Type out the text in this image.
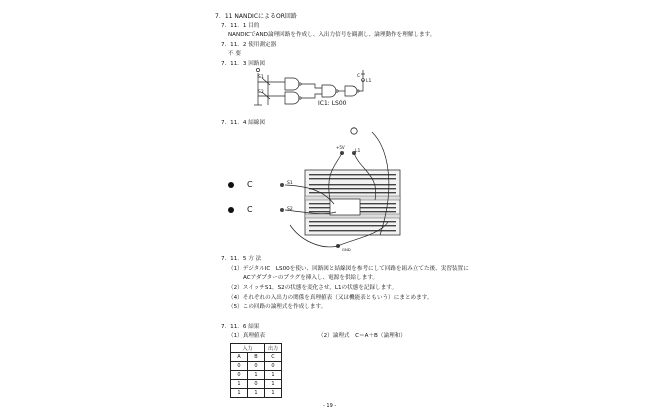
7．11 NANDICによるOR回路
7．11．1 目的
NANDICでAND論理回路を作成し、入出力信号を観測し、論理動作を理解します。
7．11．2 使用測定器
不 要
7．11．3 回路図
S1
S2
C
L1
IC1: LS00
7．11．4 結線図
C
C
S1
S2
+5V
L1
GND
7．11．5 方 法
（1）デジタルIC　LS00を使い、回路図と結線図を参考にして回路を組み立てた後、実習装置に
ACアダプターのプラグを挿入し、電源を供給します。
（2）スイッチS1，S2の状態を変化させ，L1の状態を記録します。
（4）それぞれの入出力の関係を真理値表（又は機能表ともいう）にまとめます。
（5）この回路の論理式を作成します。
7．11．6 結果
（1）真理値表	（2）論理式　C＝A＋B（論理和）
入力		出力
A	B	C
0	0	0
0	1	1
1	0	1
1	1	1
- 19 -
